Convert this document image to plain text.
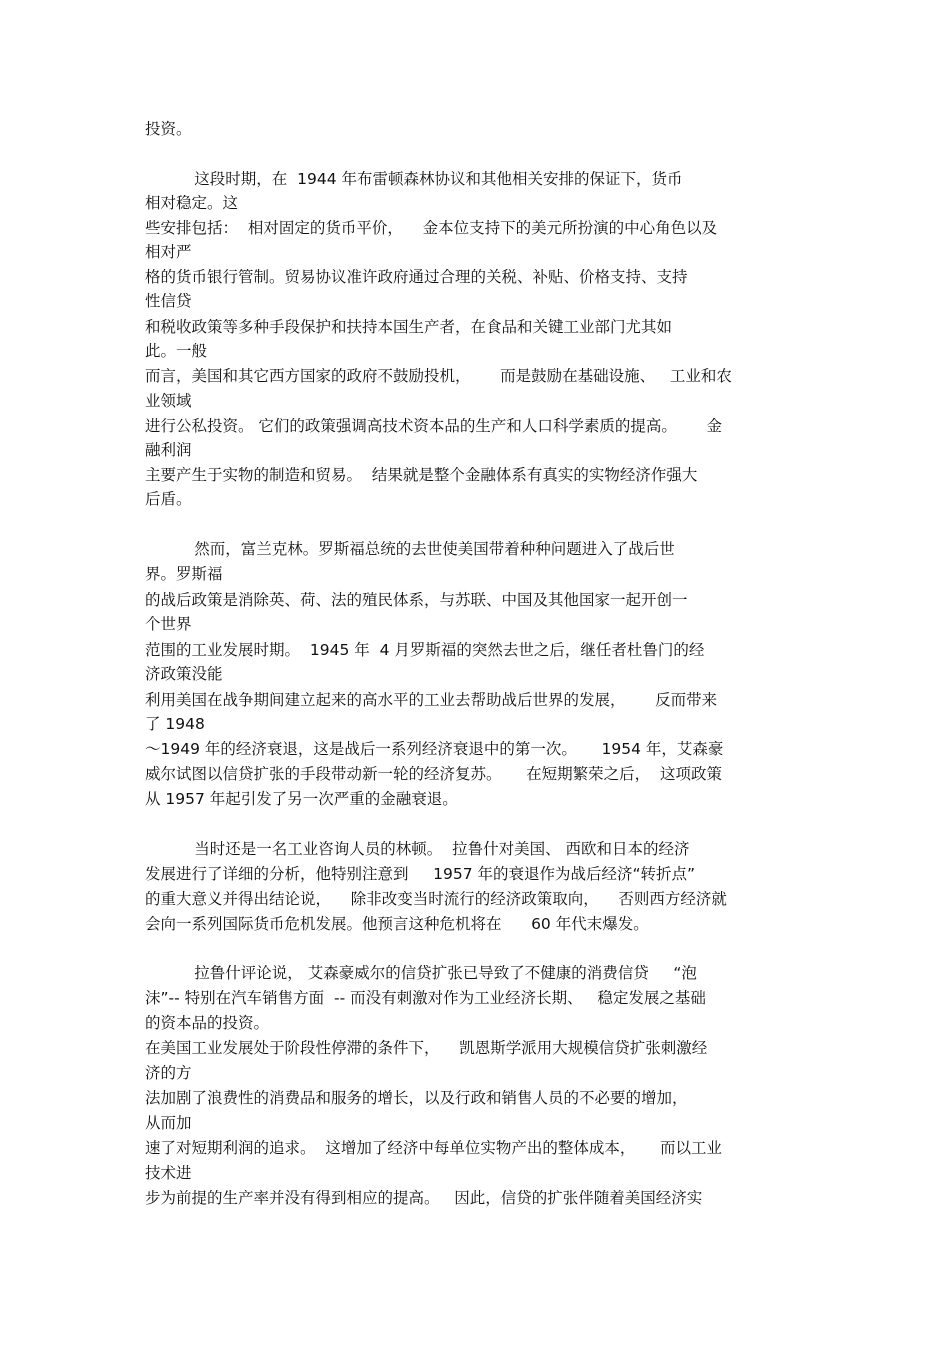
投资。
这段时期，在  1944 年布雷顿森林协议和其他相关安排的保证下，货币
相对稳定。这
些安排包括：  相对固定的货币平价，    金本位支持下的美元所扮演的中心角色以及
相对严
格的货币银行管制。贸易协议准许政府通过合理的关税、补贴、价格支持、支持
性信贷
和税收政策等多种手段保护和扶持本国生产者，在食品和关键工业部门尤其如
此。一般
而言，美国和其它西方国家的政府不鼓励投机，      而是鼓励在基础设施、   工业和农
业领域
进行公私投资。 它们的政策强调高技术资本品的生产和人口科学素质的提高。      金
融利润
主要产生于实物的制造和贸易。  结果就是整个金融体系有真实的实物经济作强大
后盾。
然而，富兰克林。罗斯福总统的去世使美国带着种种问题进入了战后世
界。罗斯福
的战后政策是消除英、荷、法的殖民体系，与苏联、中国及其他国家一起开创一
个世界
范围的工业发展时期。  1945 年  4 月罗斯福的突然去世之后，继任者杜鲁门的经
济政策没能
利用美国在战争期间建立起来的高水平的工业去帮助战后世界的发展，      反而带来
了 1948
～1949 年的经济衰退，这是战后一系列经济衰退中的第一次。     1954 年，艾森豪
威尔试图以信贷扩张的手段带动新一轮的经济复苏。     在短期繁荣之后，  这项政策
从 1957 年起引发了另一次严重的金融衰退。
当时还是一名工业咨询人员的林顿。  拉鲁什对美国、 西欧和日本的经济
发展进行了详细的分析，他特别注意到     1957 年的衰退作为战后经济“转折点”
的重大意义并得出结论说，    除非改变当时流行的经济政策取向，    否则西方经济就
会向一系列国际货币危机发展。他预言这种危机将在      60 年代末爆发。
拉鲁什评论说， 艾森豪威尔的信贷扩张已导致了不健康的消费信贷     “泡
沫”-- 特别在汽车销售方面  -- 而没有刺激对作为工业经济长期、   稳定发展之基础
的资本品的投资。
在美国工业发展处于阶段性停滞的条件下，    凯恩斯学派用大规模信贷扩张刺激经
济的方
法加剧了浪费性的消费品和服务的增长，以及行政和销售人员的不必要的增加，
从而加
速了对短期利润的追求。  这增加了经济中每单位实物产出的整体成本，     而以工业
技术进
步为前提的生产率并没有得到相应的提高。   因此，信贷的扩张伴随着美国经济实
